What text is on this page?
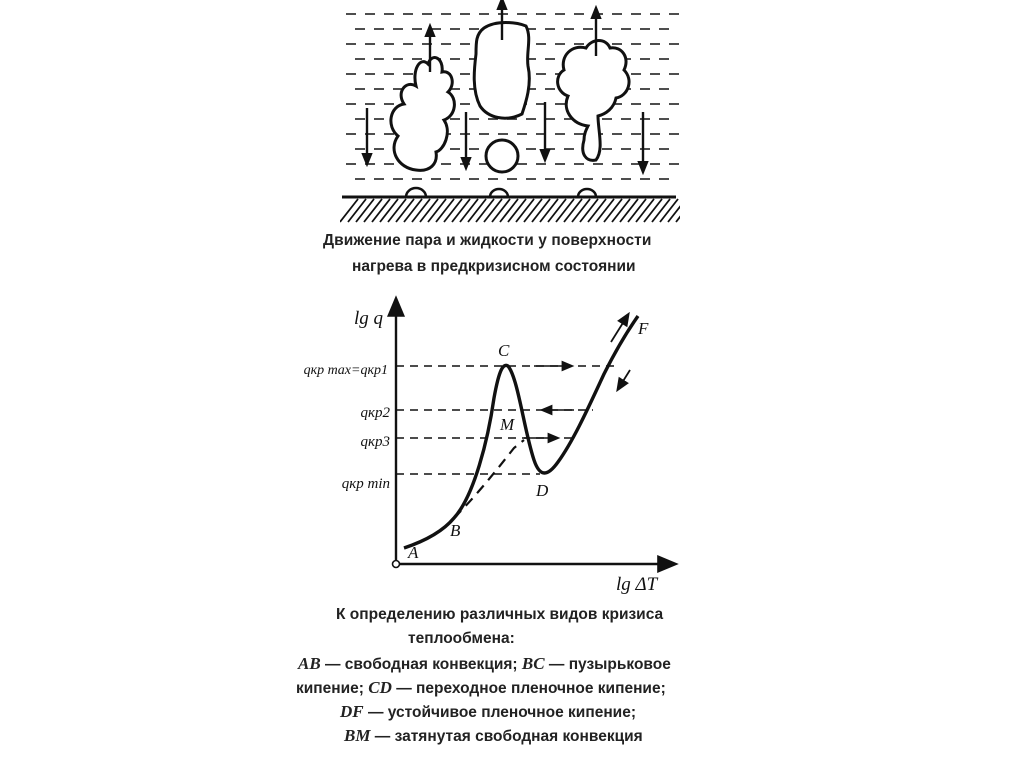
Движение пара и жидкости у поверхности
нагрева в предкризисном состоянии
lg q
lg ΔT
qкр max=qкр1
qкр2
qкр3
qкр min
A
B
C
D
M
F
К определению различных видов кризиса
теплообмена:
AB — свободная конвекция; BC — пузырьковое
кипение; CD — переходное пленочное кипение;
DF — устойчивое пленочное кипение;
BM — затянутая свободная конвекция
